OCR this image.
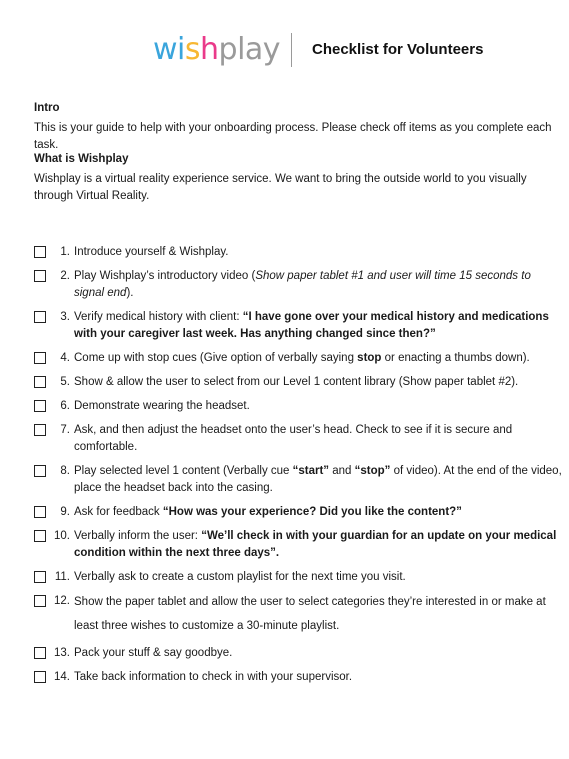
wishplay Checklist for Volunteers

Intro

This is your guide to help with your onboarding process. Please check off items as you complete each task.

What is Wishplay

Wishplay is a virtual reality experience service. We want to bring the outside world to you visually through Virtual Reality.

1. Introduce yourself & Wishplay.
2. Play Wishplay’s introductory video (Show paper tablet #1 and user will time 15 seconds to signal end).
3. Verify medical history with client: “I have gone over your medical history and medications with your caregiver last week. Has anything changed since then?”
4. Come up with stop cues (Give option of verbally saying stop or enacting a thumbs down).
5. Show & allow the user to select from our Level 1 content library (Show paper tablet #2).
6. Demonstrate wearing the headset.
7. Ask, and then adjust the headset onto the user’s head. Check to see if it is secure and comfortable.
8. Play selected level 1 content (Verbally cue “start” and “stop” of video). At the end of the video, place the headset back into the casing.
9. Ask for feedback “How was your experience? Did you like the content?”
10. Verbally inform the user: “We’ll check in with your guardian for an update on your medical condition within the next three days”.
11. Verbally ask to create a custom playlist for the next time you visit.
12. Show the paper tablet and allow the user to select categories they’re interested in or make at least three wishes to customize a 30-minute playlist.
13. Pack your stuff & say goodbye.
14. Take back information to check in with your supervisor.
